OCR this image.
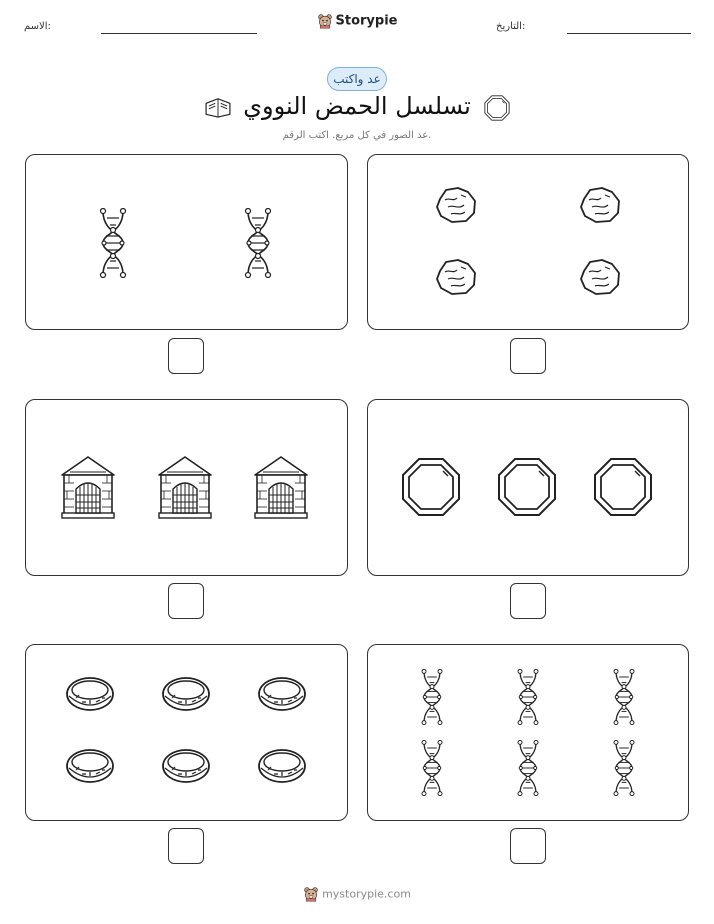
الاسم:	Storypie	التاريخ:
عد واكتب
تسلسل الحمض النووي
عد الصور في كل مربع. اكتب الرقم.
mystorypie.com
